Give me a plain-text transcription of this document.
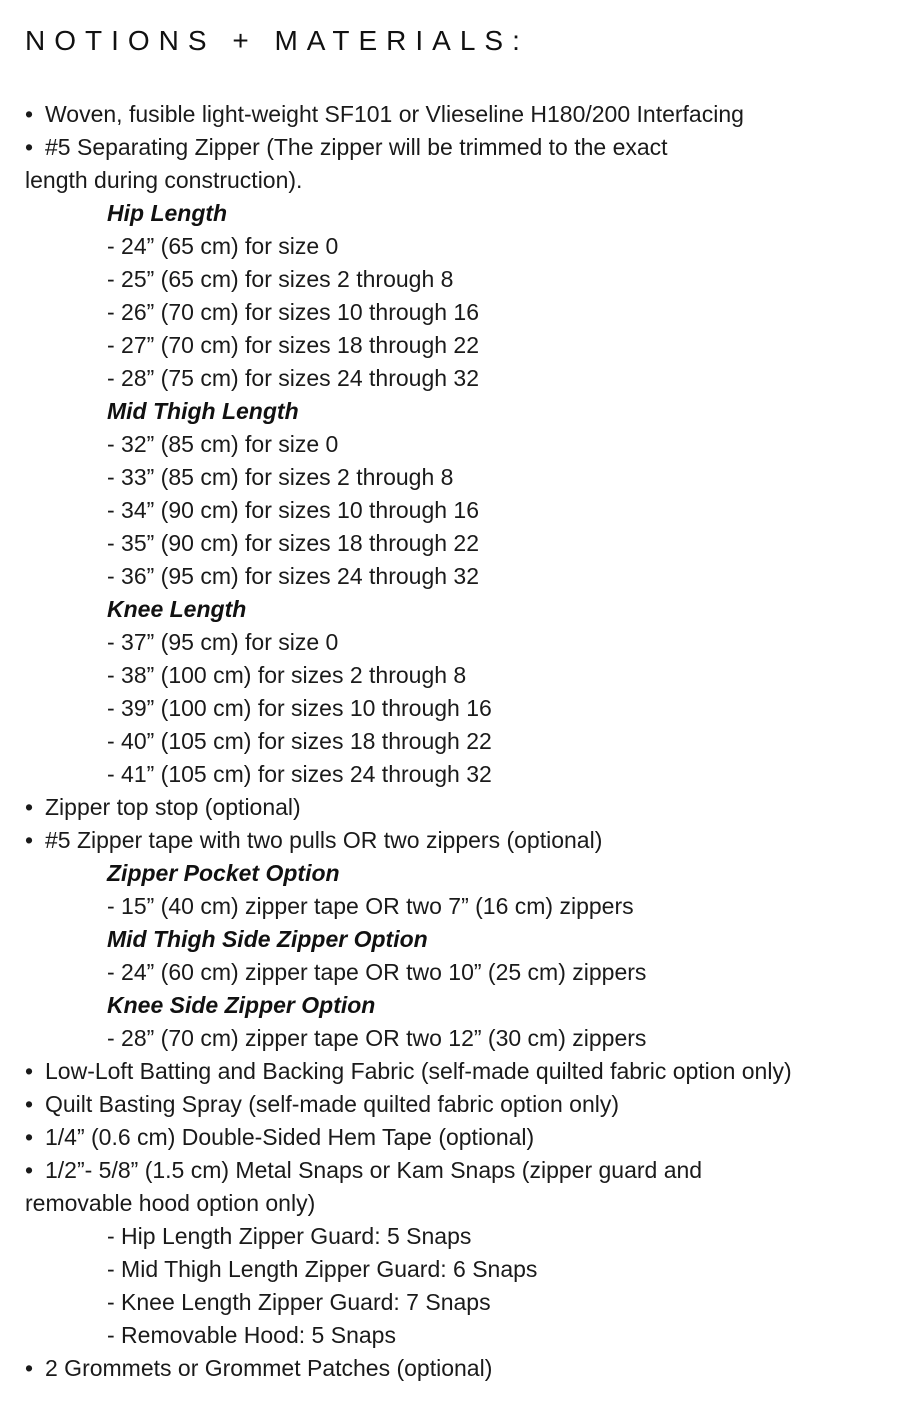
NOTIONS + MATERIALS:
• Woven, fusible light-weight SF101 or Vlieseline H180/200 Interfacing
• #5 Separating Zipper (The zipper will be trimmed to the exact
length during construction).
Hip Length
- 24” (65 cm) for size 0
- 25” (65 cm) for sizes 2 through 8
- 26” (70 cm) for sizes 10 through 16
- 27” (70 cm) for sizes 18 through 22
- 28” (75 cm) for sizes 24 through 32
Mid Thigh Length
- 32” (85 cm) for size 0
- 33” (85 cm) for sizes 2 through 8
- 34” (90 cm) for sizes 10 through 16
- 35” (90 cm) for sizes 18 through 22
- 36” (95 cm) for sizes 24 through 32
Knee Length
- 37” (95 cm) for size 0
- 38” (100 cm) for sizes 2 through 8
- 39” (100 cm) for sizes 10 through 16
- 40” (105 cm) for sizes 18 through 22
- 41” (105 cm) for sizes 24 through 32
• Zipper top stop (optional)
• #5 Zipper tape with two pulls OR two zippers (optional)
Zipper Pocket Option
- 15” (40 cm) zipper tape OR two 7” (16 cm) zippers
Mid Thigh Side Zipper Option
- 24” (60 cm) zipper tape OR two 10” (25 cm) zippers
Knee Side Zipper Option
- 28” (70 cm) zipper tape OR two 12” (30 cm) zippers
• Low-Loft Batting and Backing Fabric (self-made quilted fabric option only)
• Quilt Basting Spray (self-made quilted fabric option only)
• 1/4” (0.6 cm) Double-Sided Hem Tape (optional)
• 1/2”- 5/8” (1.5 cm) Metal Snaps or Kam Snaps (zipper guard and
removable hood option only)
- Hip Length Zipper Guard: 5 Snaps
- Mid Thigh Length Zipper Guard: 6 Snaps
- Knee Length Zipper Guard: 7 Snaps
- Removable Hood: 5 Snaps
• 2 Grommets or Grommet Patches (optional)
